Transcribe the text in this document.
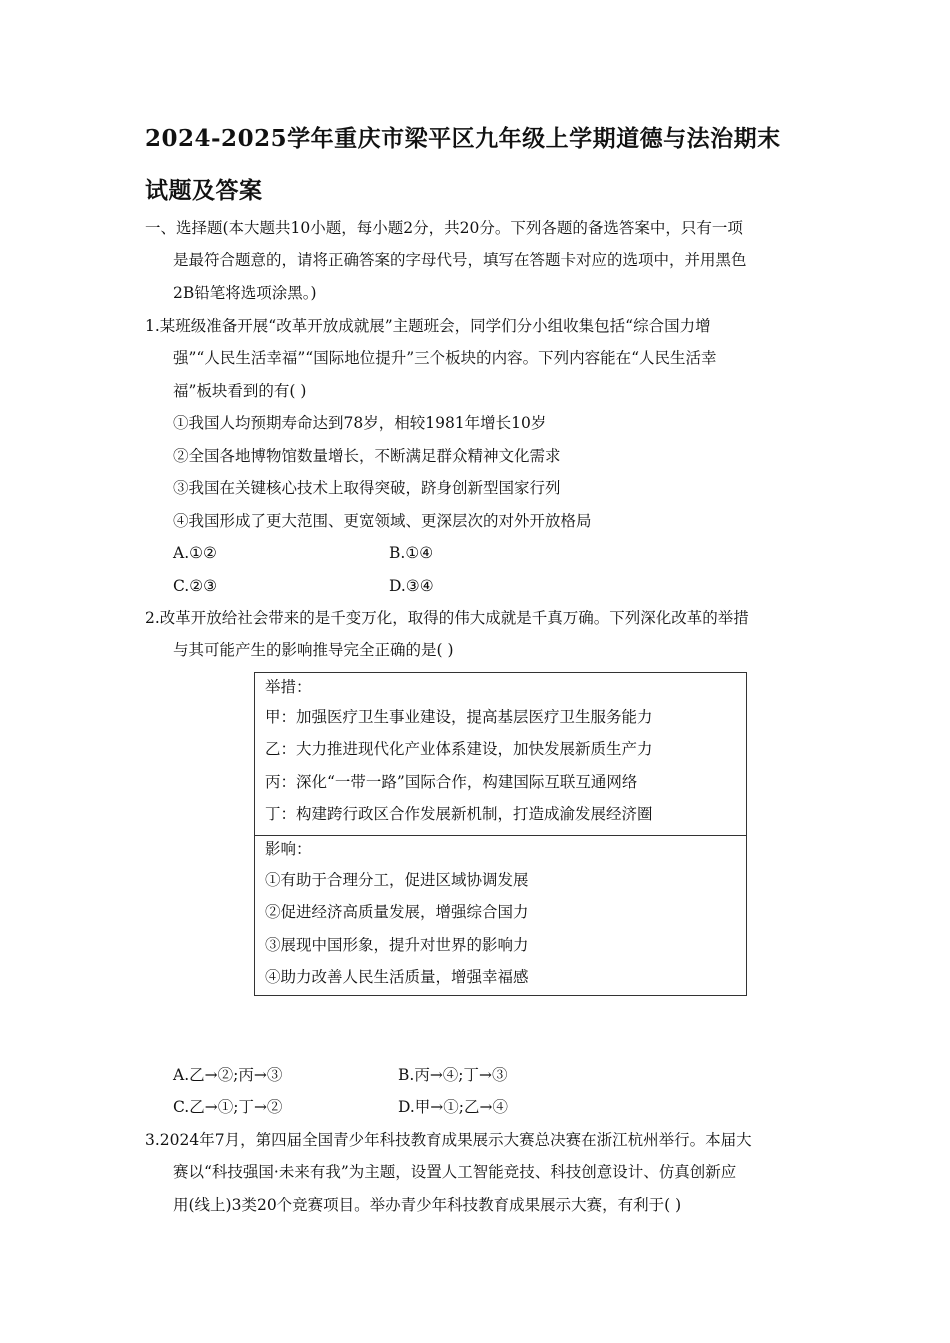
2024-2025学年重庆市梁平区九年级上学期道德与法治期末
试题及答案
一、选择题(本大题共10小题，每小题2分，共20分。下列各题的备选答案中，只有一项
是最符合题意的，请将正确答案的字母代号，填写在答题卡对应的选项中，并用黑色
2B铅笔将选项涂黑。)
1.某班级准备开展“改革开放成就展”主题班会，同学们分小组收集包括“综合国力增
强”“人民生活幸福”“国际地位提升”三个板块的内容。下列内容能在“人民生活幸
福”板块看到的有( )
①我国人均预期寿命达到78岁，相较1981年增长10岁
②全国各地博物馆数量增长，不断满足群众精神文化需求
③我国在关键核心技术上取得突破，跻身创新型国家行列
④我国形成了更大范围、更宽领域、更深层次的对外开放格局
A.①②	B.①④
C.②③	D.③④
2.改革开放给社会带来的是千变万化，取得的伟大成就是千真万确。下列深化改革的举措
与其可能产生的影响推导完全正确的是( )
举措：
甲：加强医疗卫生事业建设，提高基层医疗卫生服务能力
乙：大力推进现代化产业体系建设，加快发展新质生产力
丙：深化“一带一路”国际合作，构建国际互联互通网络
丁：构建跨行政区合作发展新机制，打造成渝发展经济圈
影响：
①有助于合理分工，促进区域协调发展
②促进经济高质量发展，增强综合国力
③展现中国形象，提升对世界的影响力
④助力改善人民生活质量，增强幸福感
A.乙→②;丙→③	B.丙→④;丁→③
C.乙→①;丁→②	D.甲→①;乙→④
3.2024年7月，第四届全国青少年科技教育成果展示大赛总决赛在浙江杭州举行。本届大
赛以“科技强国·未来有我”为主题，设置人工智能竞技、科技创意设计、仿真创新应
用(线上)3类20个竞赛项目。举办青少年科技教育成果展示大赛，有利于( )
